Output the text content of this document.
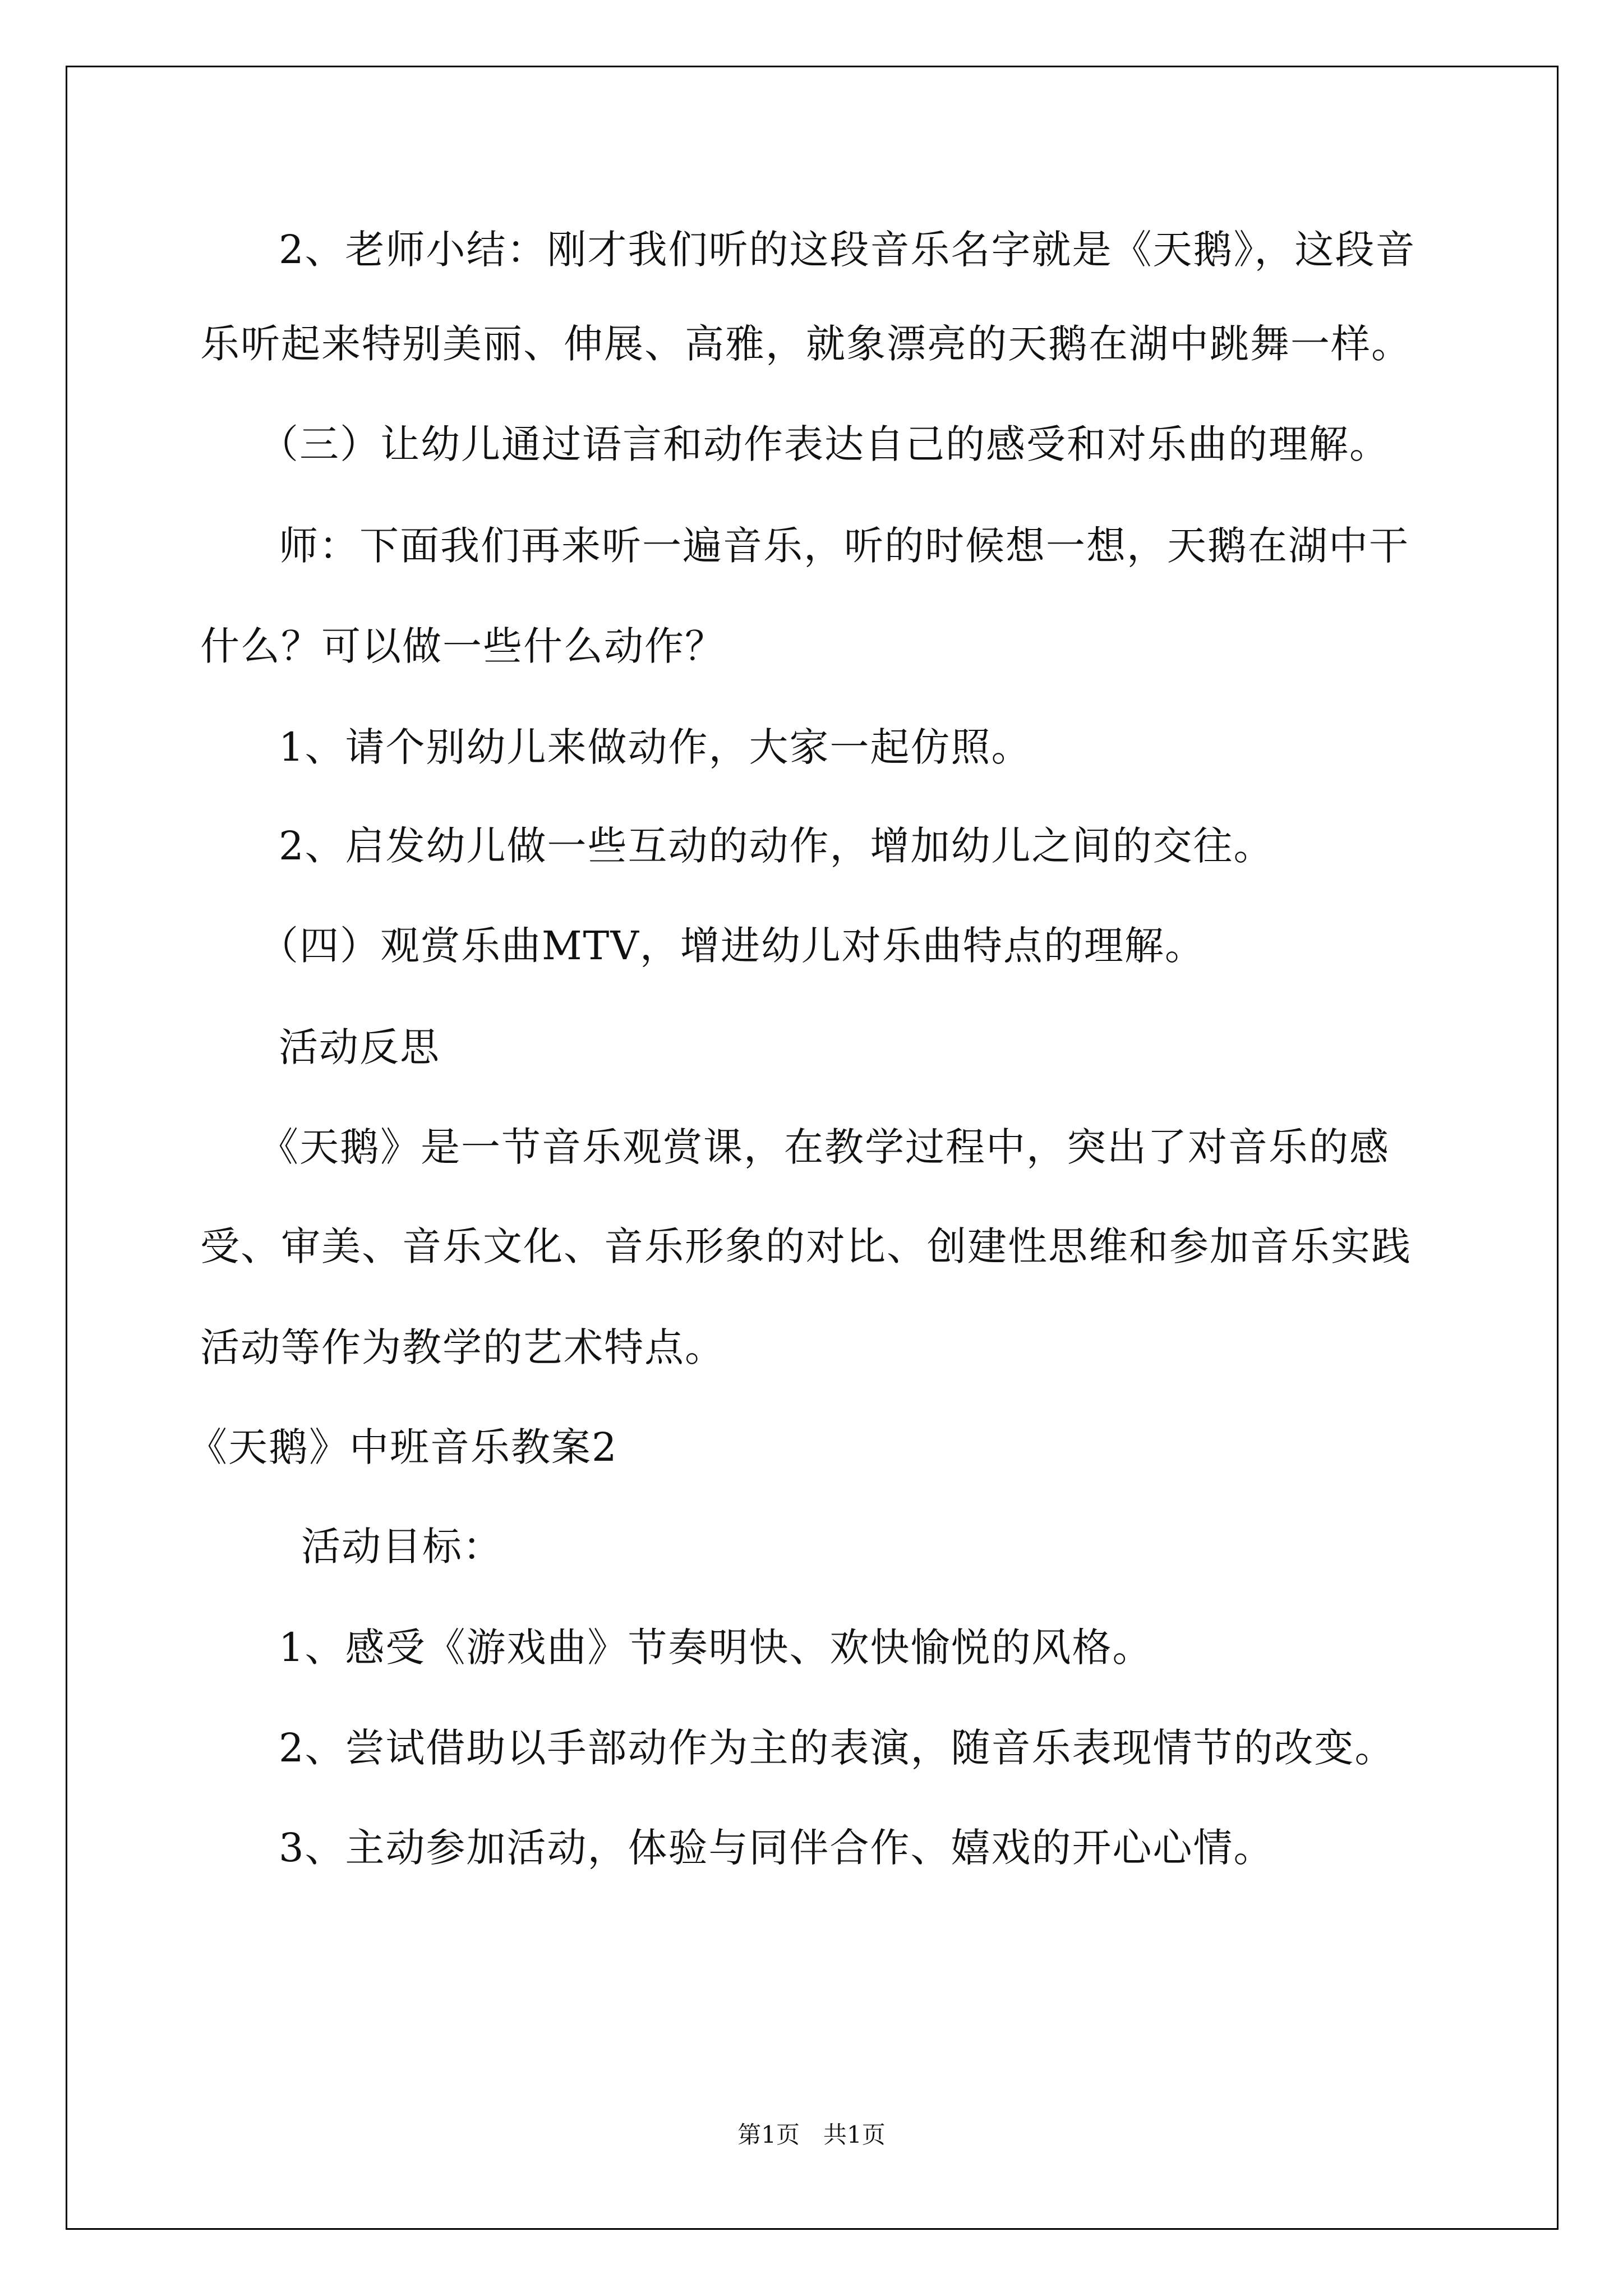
2、老师小结：刚才我们听的这段音乐名字就是《天鹅》，这段音
乐听起来特别美丽、伸展、高雅，就象漂亮的天鹅在湖中跳舞一样。
（三）让幼儿通过语言和动作表达自己的感受和对乐曲的理解。
师：下面我们再来听一遍音乐，听的时候想一想，天鹅在湖中干
什么？可以做一些什么动作？
1、请个别幼儿来做动作，大家一起仿照。
2、启发幼儿做一些互动的动作，增加幼儿之间的交往。
（四）观赏乐曲MTV，增进幼儿对乐曲特点的理解。
活动反思
《天鹅》是一节音乐观赏课，在教学过程中，突出了对音乐的感
受、审美、音乐文化、音乐形象的对比、创建性思维和参加音乐实践
活动等作为教学的艺术特点。
《天鹅》中班音乐教案2
活动目标：
1、感受《游戏曲》节奏明快、欢快愉悦的风格。
2、尝试借助以手部动作为主的表演，随音乐表现情节的改变。
3、主动参加活动，体验与同伴合作、嬉戏的开心心情。
第1页　共1页
